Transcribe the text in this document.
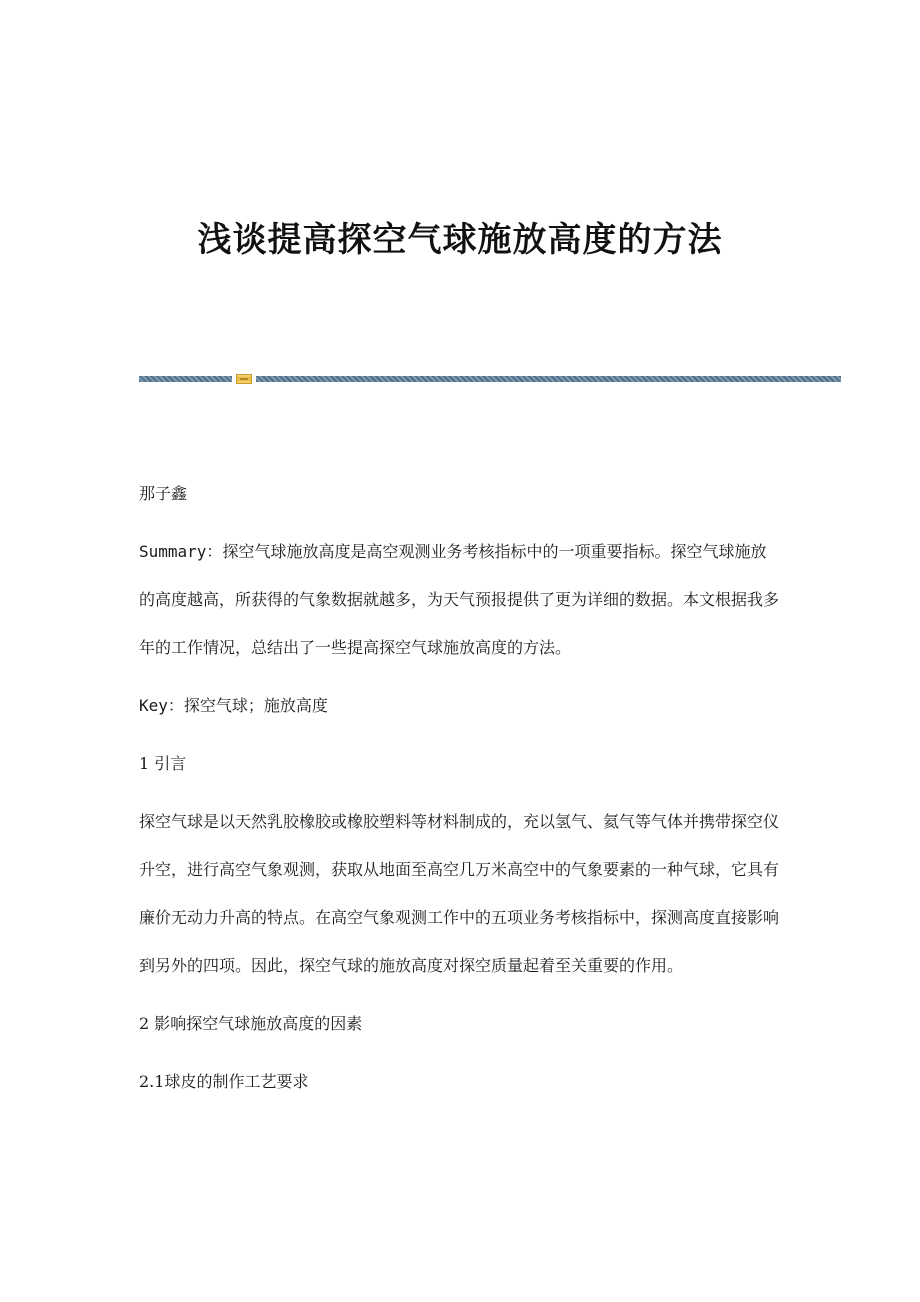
浅谈提高探空气球施放高度的方法

那子鑫

Summary：探空气球施放高度是高空观测业务考核指标中的一项重要指标。探空气球施放的高度越高，所获得的气象数据就越多，为天气预报提供了更为详细的数据。本文根据我多年的工作情况，总结出了一些提高探空气球施放高度的方法。

Key：探空气球；施放高度

1 引言

探空气球是以天然乳胶橡胶或橡胶塑料等材料制成的，充以氢气、氦气等气体并携带探空仪升空，进行高空气象观测，获取从地面至高空几万米高空中的气象要素的一种气球，它具有廉价无动力升高的特点。在高空气象观测工作中的五项业务考核指标中，探测高度直接影响到另外的四项。因此，探空气球的施放高度对探空质量起着至关重要的作用。

2 影响探空气球施放高度的因素

2.1球皮的制作工艺要求
